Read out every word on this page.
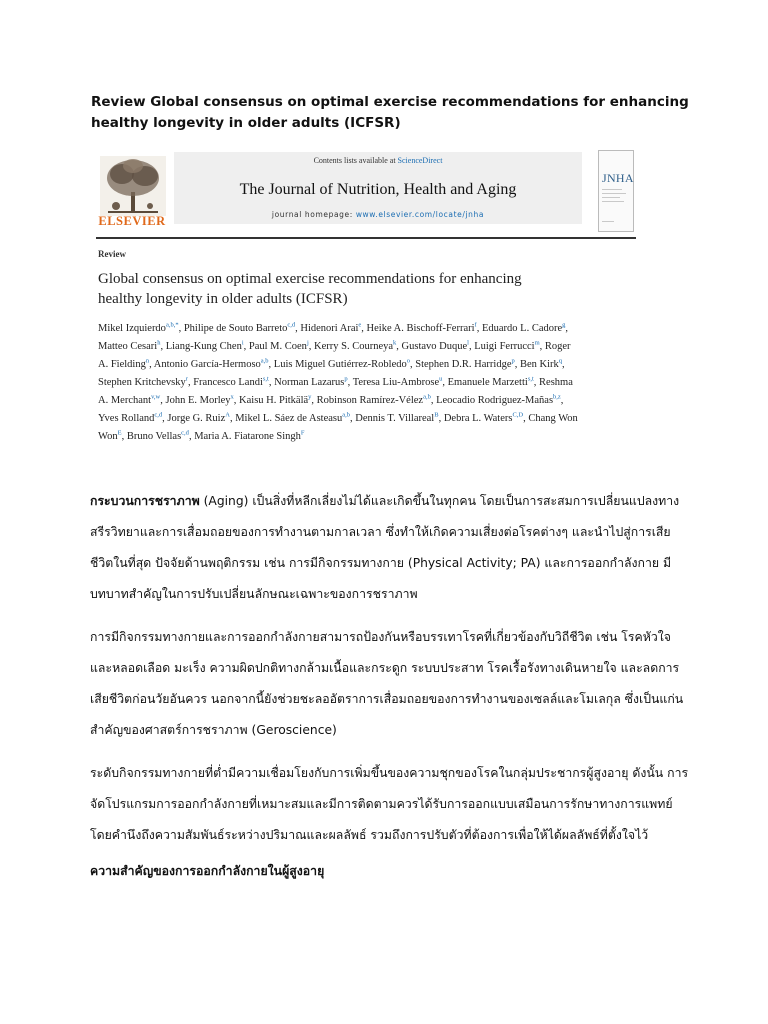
Review Global consensus on optimal exercise recommendations for enhancing healthy longevity in older adults (ICFSR)
ELSEVIER
Contents lists available at ScienceDirect
The Journal of Nutrition, Health and Aging
journal homepage: www.elsevier.com/locate/jnha
JNHA
Review
Global consensus on optimal exercise recommendations for enhancing healthy longevity in older adults (ICFSR)
Mikel Izquierdo$^{a,b,*}$, Philipe de Souto Barreto$^{c,d}$, Hidenori Arai$^e$, Heike A. Bischoff-Ferrari$^f$, Eduardo L. Cadore$^g$, Matteo Cesari$^h$, Liang-Kung Chen$^i$, Paul M. Coen$^j$, Kerry S. Courneya$^k$, Gustavo Duque$^l$, Luigi Ferrucci$^m$, Roger A. Fielding$^n$, Antonio García-Hermoso$^{a,b}$, Luis Miguel Gutiérrez-Robledo$^o$, Stephen D.R. Harridge$^p$, Ben Kirk$^q$, Stephen Kritchevsky$^r$, Francesco Landi$^{s,t}$, Norman Lazarus$^p$, Teresa Liu-Ambrose$^u$, Emanuele Marzetti$^{s,t}$, Reshma A. Merchant$^{v,w}$, John E. Morley$^x$, Kaisu H. Pitkälä$^y$, Robinson Ramírez-Vélez$^{a,b}$, Leocadio Rodriguez-Mañas$^{b,z}$, Yves Rolland$^{c,d}$, Jorge G. Ruiz$^A$, Mikel L. Sáez de Asteasu$^{a,b}$, Dennis T. Villareal$^B$, Debra L. Waters$^{C,D}$, Chang Won Won$^E$, Bruno Vellas$^{c,d}$, Maria A. Fiatarone Singh$^F$

กระบวนการชราภาพ (Aging) เป็นสิ่งที่หลีกเลี่ยงไม่ได้และเกิดขึ้นในทุกคน โดยเป็นการสะสมการเปลี่ยนแปลงทางสรีรวิทยาและการเสื่อมถอยของการทำงานตามกาลเวลา ซึ่งทำให้เกิดความเสี่ยงต่อโรคต่างๆ และนำไปสู่การเสียชีวิตในที่สุด ปัจจัยด้านพฤติกรรม เช่น การมีกิจกรรมทางกาย (Physical Activity; PA) และการออกกำลังกาย มีบทบาทสำคัญในการปรับเปลี่ยนลักษณะเฉพาะของการชราภาพ

การมีกิจกรรมทางกายและการออกกำลังกายสามารถป้องกันหรือบรรเทาโรคที่เกี่ยวข้องกับวิถีชีวิต เช่น โรคหัวใจและหลอดเลือด มะเร็ง ความผิดปกติทางกล้ามเนื้อและกระดูก ระบบประสาท โรคเรื้อรังทางเดินหายใจ และลดการเสียชีวิตก่อนวัยอันควร นอกจากนี้ยังช่วยชะลออัตราการเสื่อมถอยของการทำงานของเซลล์และโมเลกุล ซึ่งเป็นแก่นสำคัญของศาสตร์การชราภาพ (Geroscience)

ระดับกิจกรรมทางกายที่ต่ำมีความเชื่อมโยงกับการเพิ่มขึ้นของความชุกของโรคในกลุ่มประชากรผู้สูงอายุ ดังนั้น การจัดโปรแกรมการออกกำลังกายที่เหมาะสมและมีการติดตามควรได้รับการออกแบบเสมือนการรักษาทางการแพทย์โดยคำนึงถึงความสัมพันธ์ระหว่างปริมาณและผลลัพธ์ รวมถึงการปรับตัวที่ต้องการเพื่อให้ได้ผลลัพธ์ที่ตั้งใจไว้

ความสำคัญของการออกกำลังกายในผู้สูงอายุ
